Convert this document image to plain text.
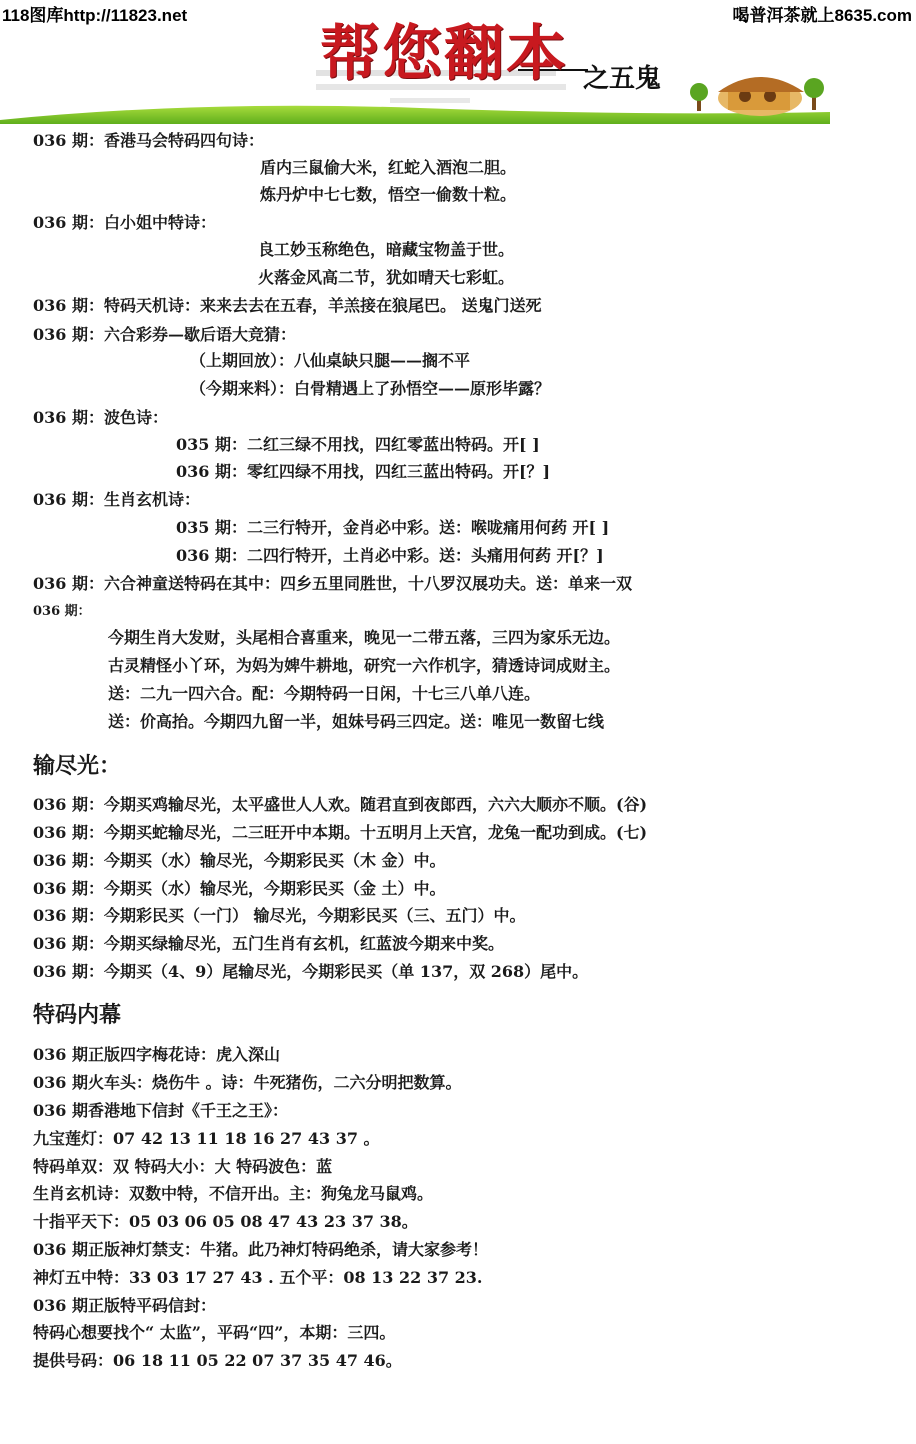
帮您翻本 之五鬼
118图库http://11823.net	喝普洱茶就上8635.com
036 期：香港马会特码四句诗：
盾内三鼠偷大米，红蛇入酒泡二胆。
炼丹炉中七七数，悟空一偷数十粒。
036 期：白小姐中特诗：
良工妙玉称绝色，暗藏宝物盖于世。
火落金风高二节，犹如晴天七彩虹。
036 期：特码天机诗：来来去去在五春，羊羔接在狼尾巴。 送鬼门送死
036 期：六合彩券—歇后语大竞猜：
（上期回放）：八仙桌缺只腿——搁不平
（今期来料）：白骨精遇上了孙悟空——原形毕露？
036 期：波色诗：
035 期：二红三绿不用找，四红零蓝出特码。开[ ]
036 期：零红四绿不用找，四红三蓝出特码。开[？]
036 期：生肖玄机诗：
035 期：二三行特开，金肖必中彩。送：喉咙痛用何药 开[ ]
036 期：二四行特开，土肖必中彩。送：头痛用何药 开[？]
036 期：六合神童送特码在其中：四乡五里同胜世，十八罗汉展功夫。送：单来一双
036 期：
今期生肖大发财，头尾相合喜重来，晚见一二带五落，三四为家乐无边。
古灵精怪小丫环，为妈为婢牛耕地，研究一六作机字，猜透诗词成财主。
送：二九一四六合。配：今期特码一日闲，十七三八单八连。
送：价高抬。今期四九留一半，姐妹号码三四定。送：唯见一数留七线
输尽光：
036 期：今期买鸡输尽光，太平盛世人人欢。随君直到夜郎西，六六大顺亦不顺。(谷)
036 期：今期买蛇输尽光，二三旺开中本期。十五明月上天宫，龙兔一配功到成。(七)
036 期：今期买（水）输尽光，今期彩民买（木 金）中。
036 期：今期买（水）输尽光，今期彩民买（金 土）中。
036 期：今期彩民买（一门） 输尽光，今期彩民买（三、五门）中。
036 期：今期买绿输尽光，五门生肖有玄机，红蓝波今期来中奖。
036 期：今期买（4、9）尾输尽光，今期彩民买（单 137，双 268）尾中。
特码内幕
036 期正版四字梅花诗：虎入深山
036 期火车头：烧伤牛 。诗：牛死猪伤，二六分明把数算。
036 期香港地下信封《千王之王》：
九宝莲灯：07 42 13 11 18 16 27 43 37 。
特码单双：双 特码大小：大 特码波色：蓝
生肖玄机诗：双数中特，不信开出。主：狗兔龙马鼠鸡。
十指平天下：05 03 06 05 08 47 43 23 37 38。
036 期正版神灯禁支：牛猪。此乃神灯特码绝杀，请大家参考！
神灯五中特：33 03 17 27 43 . 五个平：08 13 22 37 23.
036 期正版特平码信封：
特码心想要找个“ 太监”，平码“四”，本期：三四。
提供号码：06 18 11 05 22 07 37 35 47 46。
